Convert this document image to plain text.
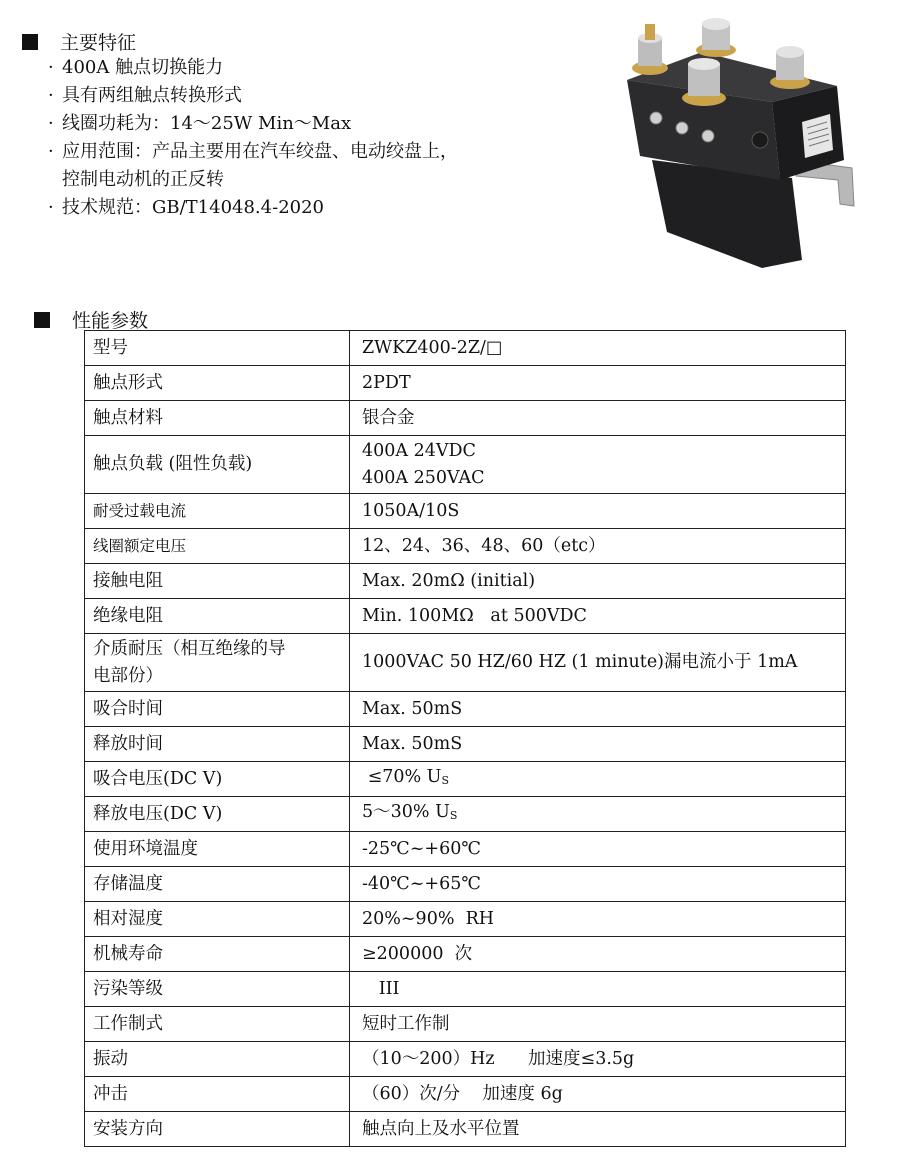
主要特征
· 400A 触点切换能力
· 具有两组触点转换形式
· 线圈功耗为：14～25W Min～Max
· 应用范围：产品主要用在汽车绞盘、电动绞盘上，
控制电动机的正反转
· 技术规范：GB/T14048.4-2020
性能参数
型号	ZWKZ400-2Z/□

触点形式	2PDT

触点材料	银合金

触点负载 (阻性负载)	400A 24VDC
400A 250VAC

耐受过载电流	1050A/10S

线圈额定电压	12、24、36、48、60（etc）

接触电阻	Max. 20mΩ (initial)

绝缘电阻	Min. 100MΩ   at 500VDC

介质耐压（相互绝缘的导
电部份）	1000VAC 50 HZ/60 HZ (1 minute)漏电流小于 1mA

吸合时间	Max. 50mS

释放时间	Max. 50mS

吸合电压(DC V)	≤70% $U_S$

释放电压(DC V)	5～30% $U_S$

使用环境温度	-25℃~+60℃

存储温度	-40℃~+65℃

相对湿度	20%~90%  RH

机械寿命	≥200000  次

污染等级	III

工作制式	短时工作制

振动	（10～200）Hz      加速度≤3.5g

冲击	（60）次/分    加速度 6g

安装方向	触点向上及水平位置
